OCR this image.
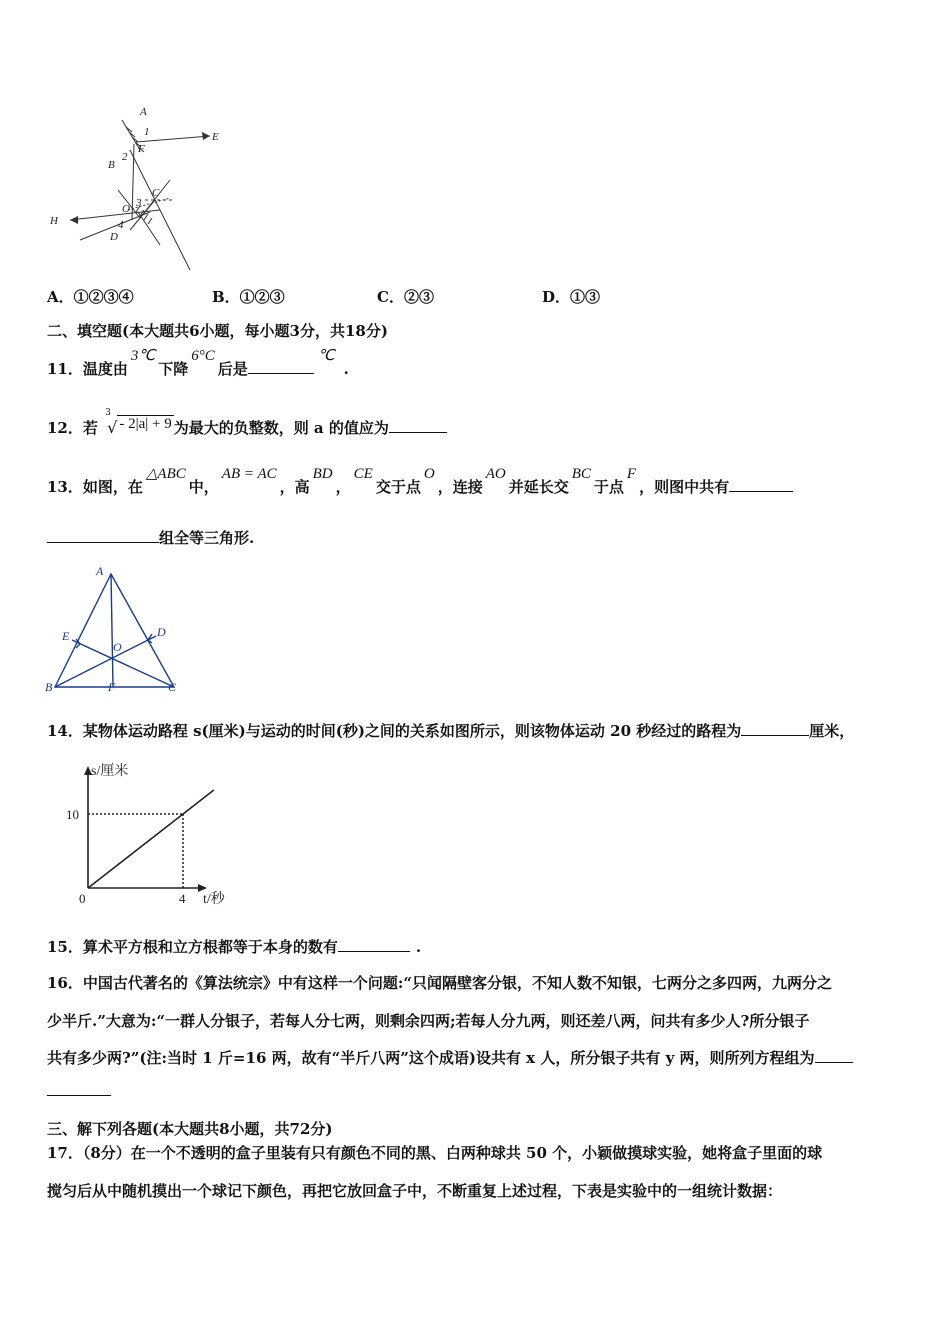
A
E
B
2
F
1
C
H
O 3
4
D
A．①②③④	B．①②③	C．②③	D．①③
二、填空题(本大题共6小题，每小题3分，共18分)
11．温度由3℃下降6°C后是℃.
12．若
3
√ - 2|a| + 9 为最大的负整数，则 a 的值应为
13．如图，在△ABC中，AB = AC，高BD，CE交于点O，连接AO并延长交BC于点F，则图中共有
组全等三角形.
A
E
O
D
B	F	C
14．某物体运动路程 s(厘米)与运动的时间(秒)之间的关系如图所示，则该物体运动 20 秒经过的路程为	厘米，
s/厘米
t/秒
0
10
4
15．算术平方根和立方根都等于本身的数有	.
16．中国古代著名的《算法统宗》中有这样一个问题:“只闻隔壁客分银，不知人数不知银，七两分之多四两，九两分之
少半斤.”大意为:“一群人分银子，若每人分七两，则剩余四两;若每人分九两，则还差八两，问共有多少人?所分银子
共有多少两?”(注:当时 1 斤=16 两，故有“半斤八两”这个成语)设共有 x 人，所分银子共有 y 两，则所列方程组为
三、解下列各题(本大题共8小题，共72分)
17．（8分）在一个不透明的盒子里装有只有颜色不同的黑、白两种球共 50 个，小颖做摸球实验，她将盒子里面的球
搅匀后从中随机摸出一个球记下颜色，再把它放回盒子中，不断重复上述过程，下表是实验中的一组统计数据：
